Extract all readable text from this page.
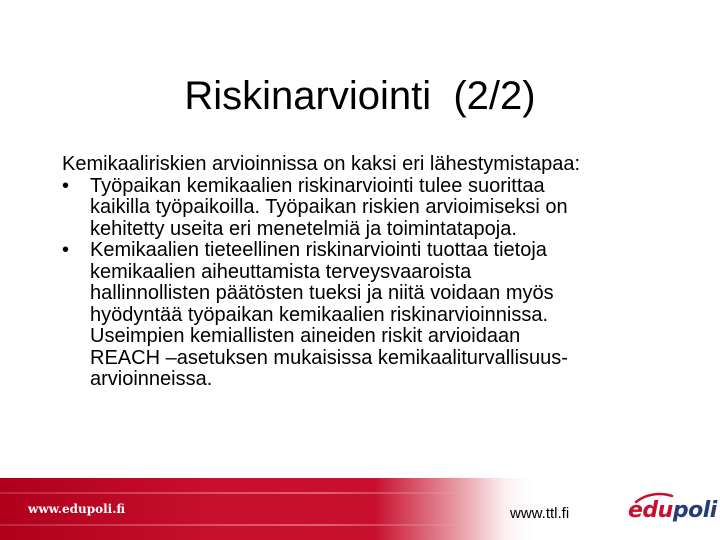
Riskinarviointi  (2/2)

Kemikaaliriskien arvioinnissa on kaksi eri lähestymistapaa:

• Työpaikan kemikaalien riskinarviointi tulee suorittaa
kaikilla työpaikoilla. Työpaikan riskien arvioimiseksi on
kehitetty useita eri menetelmiä ja toimintatapoja.
• Kemikaalien tieteellinen riskinarviointi tuottaa tietoja
kemikaalien aiheuttamista terveysvaaroista
hallinnollisten päätösten tueksi ja niitä voidaan myös
hyödyntää työpaikan kemikaalien riskinarvioinnissa.
Useimpien kemiallisten aineiden riskit arvioidaan
REACH –asetuksen mukaisissa kemikaaliturvallisuus-
arvioinneissa.
www.edupoli.fi	www.ttl.fi	edupoli
